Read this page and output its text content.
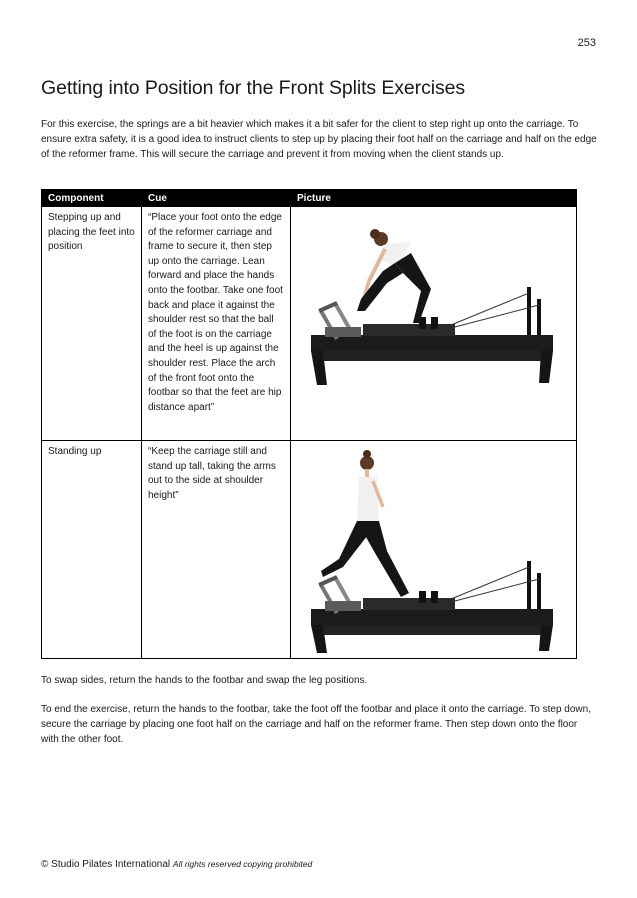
253
Getting into Position for the Front Splits Exercises

For this exercise, the springs are a bit heavier which makes it a bit safer for the client to step right up onto the carriage. To ensure extra safety, it is a good idea to instruct clients to step up by placing their foot half on the carriage and half on the edge of the reformer frame. This will secure the carriage and prevent it from moving when the client stands up.

Component	Cue	Picture
Stepping up and placing the feet into position	“Place your foot onto the edge of the reformer carriage and frame to secure it, then step up onto the carriage. Lean forward and place the hands onto the footbar. Take one foot back and place it against the shoulder rest so that the ball of the foot is on the carriage and the heel is up against the shoulder rest. Place the arch of the front foot onto the footbar so that the feet are hip distance apart”	

Standing up	“Keep the carriage still and stand up tall, taking the arms out to the side at shoulder height”	

To swap sides, return the hands to the footbar and swap the leg positions.

To end the exercise, return the hands to the footbar, take the foot off the footbar and place it onto the carriage. To step down, secure the carriage by placing one foot half on the carriage and half on the reformer frame. Then step down onto the floor with the other foot.

© Studio Pilates International All rights reserved copying prohibited
